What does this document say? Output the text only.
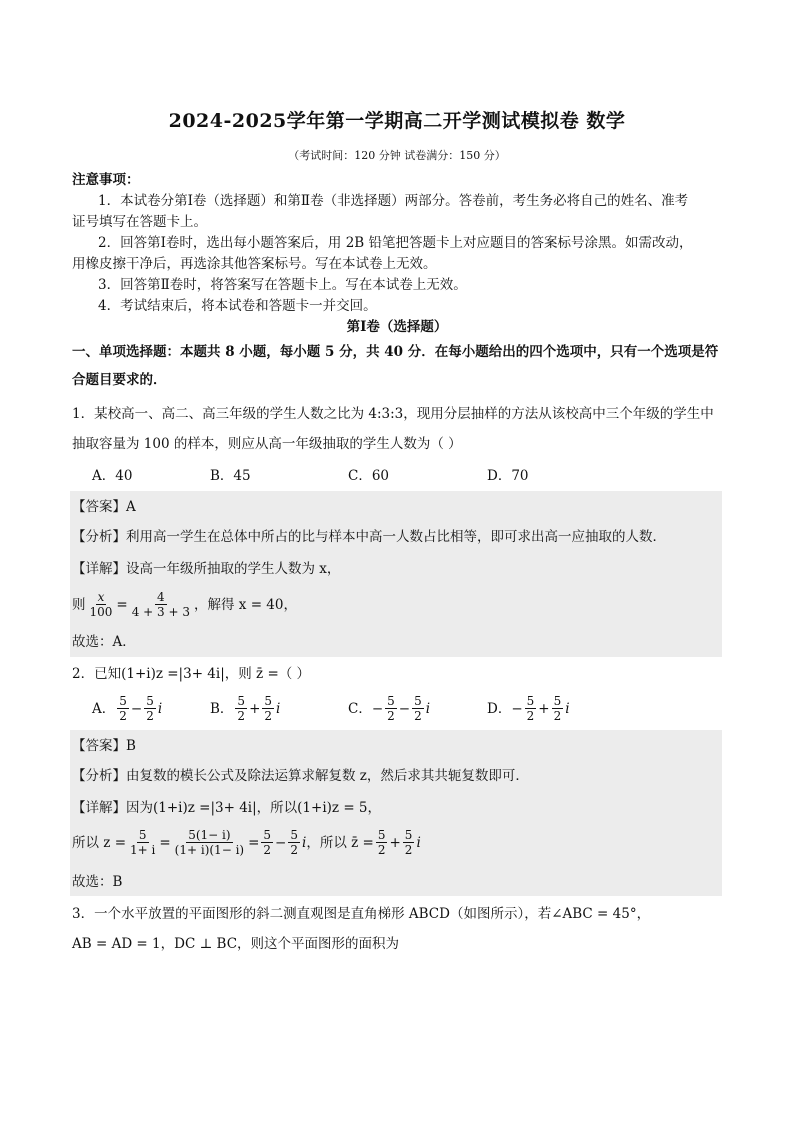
2024-2025学年第一学期高二开学测试模拟卷 数学
（考试时间：120 分钟 试卷满分：150 分）
注意事项：
1．本试卷分第Ⅰ卷（选择题）和第Ⅱ卷（非选择题）两部分。答卷前，考生务必将自己的姓名、准考
证号填写在答题卡上。
2．回答第Ⅰ卷时，选出每小题答案后，用 2B 铅笔把答题卡上对应题目的答案标号涂黑。如需改动，
用橡皮擦干净后，再选涂其他答案标号。写在本试卷上无效。
3．回答第Ⅱ卷时，将答案写在答题卡上。写在本试卷上无效。
4．考试结束后，将本试卷和答题卡一并交回。
第Ⅰ卷（选择题）
一、单项选择题：本题共 8 小题，每小题 5 分，共 40 分．在每小题给出的四个选项中，只有一个选项是符
合题目要求的．
1．某校高一、高二、高三年级的学生人数之比为 4:3:3，现用分层抽样的方法从该校高中三个年级的学生中
抽取容量为 100 的样本，则应从高一年级抽取的学生人数为（ ）
A．40	B．45	C．60	D．70
【答案】A
【分析】利用高一学生在总体中所占的比与样本中高一人数占比相等，即可求出高一应抽取的人数．
【详解】设高一年级所抽取的学生人数为 x，
则 $\frac{x}{100} = \frac{4}{4 + 3 + 3}$ ，解得 x = 40，
故选：A．
2．已知(1+i)z =|3+ 4i|，则 z̄ =（ ）
A． $\frac{5}{2} - \frac{5}{2}$ i	B． $\frac{5}{2} + \frac{5}{2}$ i	C． − $\frac{5}{2} - \frac{5}{2}$ i	D． − $\frac{5}{2} + \frac{5}{2}$ i
【答案】B
【分析】由复数的模长公式及除法运算求解复数 z，然后求其共轭复数即可．
【详解】因为(1+i)z =|3+ 4i|，所以(1+i)z = 5，
所以 $z = \frac{5}{1+ i} = \frac{5(1- i)}{(1+ i)(1- i)} = \frac{5}{2} - \frac{5}{2}$ i ，所以 z̄ = $\frac{5}{2} + \frac{5}{2}$ i
故选：B
3．一个水平放置的平面图形的斜二测直观图是直角梯形 ABCD（如图所示），若∠ABC = 45°，
AB = AD = 1，DC ⊥ BC，则这个平面图形的面积为
